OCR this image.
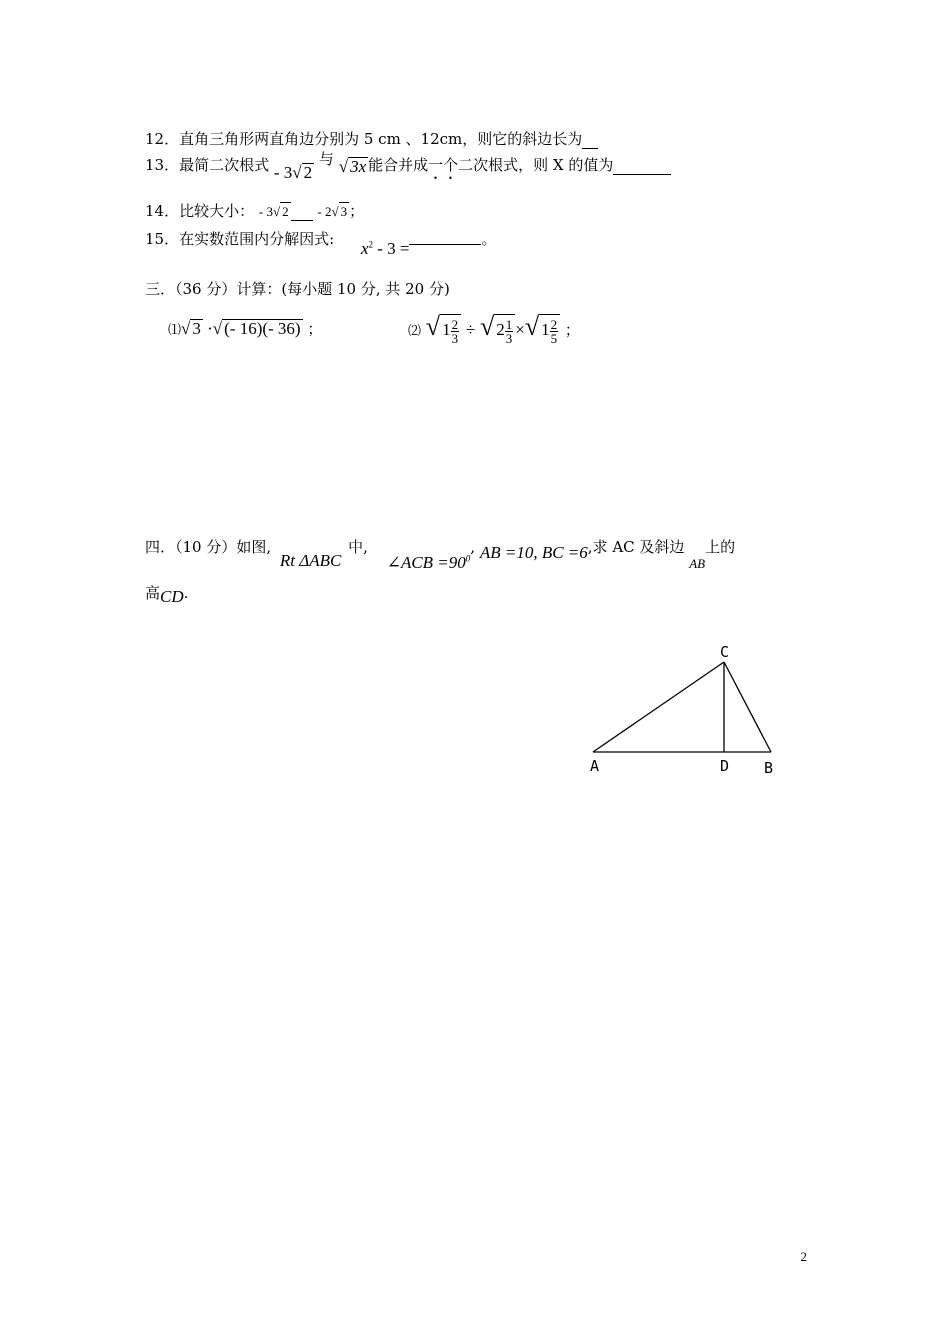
12．直角三角形两直角边分别为 5 cm 、12cm，则它的斜边长为
13．最简二次根式 - 3√ 2 与 √ 3x 能合并成一个二次根式，则 X 的值为
14．比较大小： - 3√ 2 - 2√ 3 ；
15．在实数范围内分解因式: $x^2 - 3$ =	。
三．（36 分）计算：(每小题 10 分, 共 20 分)
⑴√ 3 ·√ (- 16)(- 36) ；	⑵ √ $1 \frac{2}{3}$ ÷ √ $2 \frac{1}{3}$ ×√ $1 \frac{2}{5}$ ；
四．（10 分）如图, Rt ΔABC 中, ∠ACB $=90^0$, AB =10, BC =6,求 AC 及斜边 AB上的
高CD.
C
A	D B
2
